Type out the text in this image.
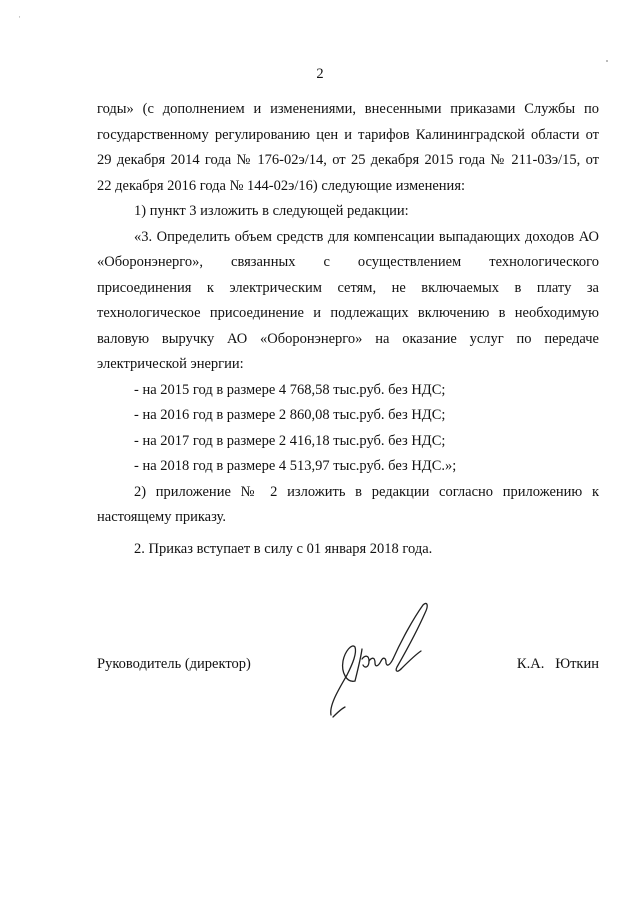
·
2
годы» (с дополнением и изменениями, внесенными приказами Службы по
государственному регулированию цен и тарифов Калининградской области от
29 декабря 2014 года № 176-02э/14, от 25 декабря 2015 года № 211-03э/15, от
22 декабря 2016 года № 144-02э/16) следующие изменения:
1) пункт 3 изложить в следующей редакции:
«3. Определить объем средств для компенсации выпадающих доходов АО
«Оборонэнерго», связанных с осуществлением технологического
присоединения к электрическим сетям, не включаемых в плату за
технологическое присоединение и подлежащих включению в необходимую
валовую выручку АО «Оборонэнерго» на оказание услуг по передаче
электрической энергии:
- на 2015 год в размере 4 768,58 тыс.руб. без НДС;
- на 2016 год в размере 2 860,08 тыс.руб. без НДС;
- на 2017 год в размере 2 416,18 тыс.руб. без НДС;
- на 2018 год в размере 4 513,97 тыс.руб. без НДС.»;
2) приложение № 2 изложить в редакции согласно приложению к
настоящему приказу.
2. Приказ вступает в силу с 01 января 2018 года.
Руководитель (директор)	К.А.   Юткин
